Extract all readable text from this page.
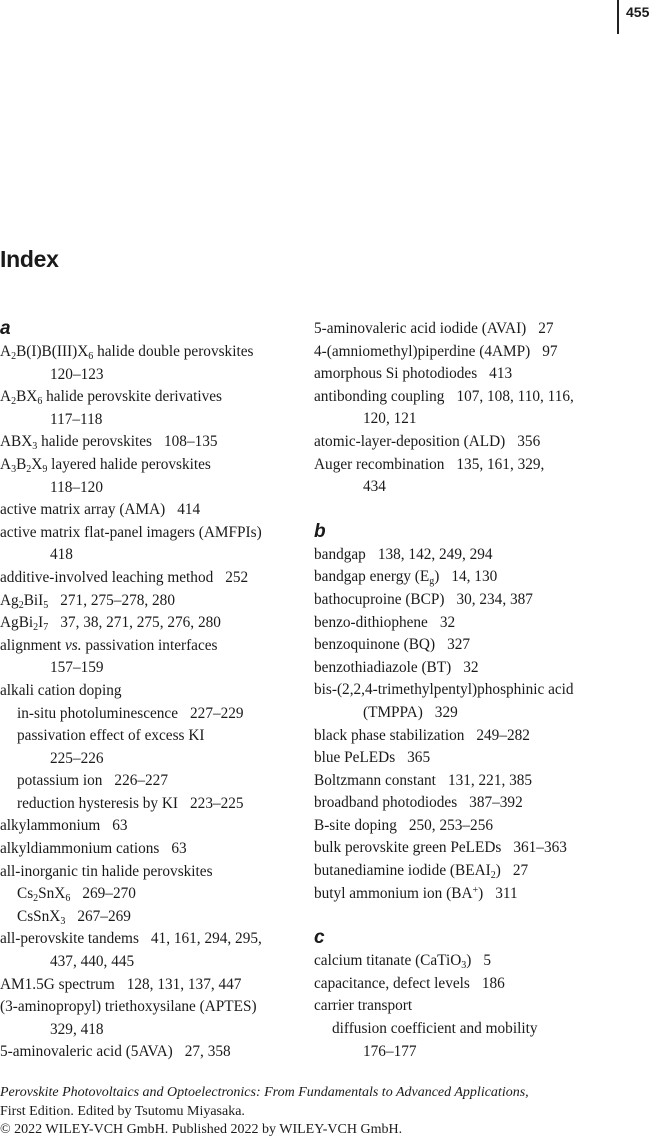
455
Index
a
$A_2B(I)B(III)X_6$ halide double perovskites
120–123
$A_2BX_6$ halide perovskite derivatives
117–118
$ABX_3$ halide perovskites 108–135
$A_3B_2X_9$ layered halide perovskites
118–120
active matrix array (AMA) 414
active matrix flat-panel imagers (AMFPIs)
418
additive-involved leaching method 252
$Ag_2BiI_5$ 271, 275–278, 280
$AgBi_2I_7$ 37, 38, 271, 275, 276, 280
alignment vs. passivation interfaces
157–159
alkali cation doping
in-situ photoluminescence 227–229
passivation effect of excess KI
225–226
potassium ion 226–227
reduction hysteresis by KI 223–225
alkylammonium 63
alkyldiammonium cations 63
all-inorganic tin halide perovskites
$Cs_2SnX_6$ 269–270
CsSnX$_3$ 267–269
all-perovskite tandems 41, 161, 294, 295,
437, 440, 445
AM1.5G spectrum 128, 131, 137, 447
(3-aminopropyl) triethoxysilane (APTES)
329, 418
5-aminovaleric acid (5AVA) 27, 358
5-aminovaleric acid iodide (AVAI) 27
4-(amniomethyl)piperdine (4AMP) 97
amorphous Si photodiodes 413
antibonding coupling 107, 108, 110, 116,
120, 121
atomic-layer-deposition (ALD) 356
Auger recombination 135, 161, 329,
434
b
bandgap 138, 142, 249, 294
bandgap energy $(E_g)$ 14, 130
bathocuproine (BCP) 30, 234, 387
benzo-dithiophene 32
benzoquinone (BQ) 327
benzothiadiazole (BT) 32
bis-(2,2,4-trimethylpentyl)phosphinic acid
(TMPPA) 329
black phase stabilization 249–282
blue PeLEDs 365
Boltzmann constant 131, 221, 385
broadband photodiodes 387–392
B-site doping 250, 253–256
bulk perovskite green PeLEDs 361–363
butanediamine iodide $(BEAI_2)$ 27
butyl ammonium ion (BA+) 311
c
calcium titanate (CaTiO$_3$) 5
capacitance, defect levels 186
carrier transport
diffusion coefficient and mobility
176–177
Perovskite Photovoltaics and Optoelectronics: From Fundamentals to Advanced Applications,
First Edition. Edited by Tsutomu Miyasaka.
© 2022 WILEY-VCH GmbH. Published 2022 by WILEY-VCH GmbH.
